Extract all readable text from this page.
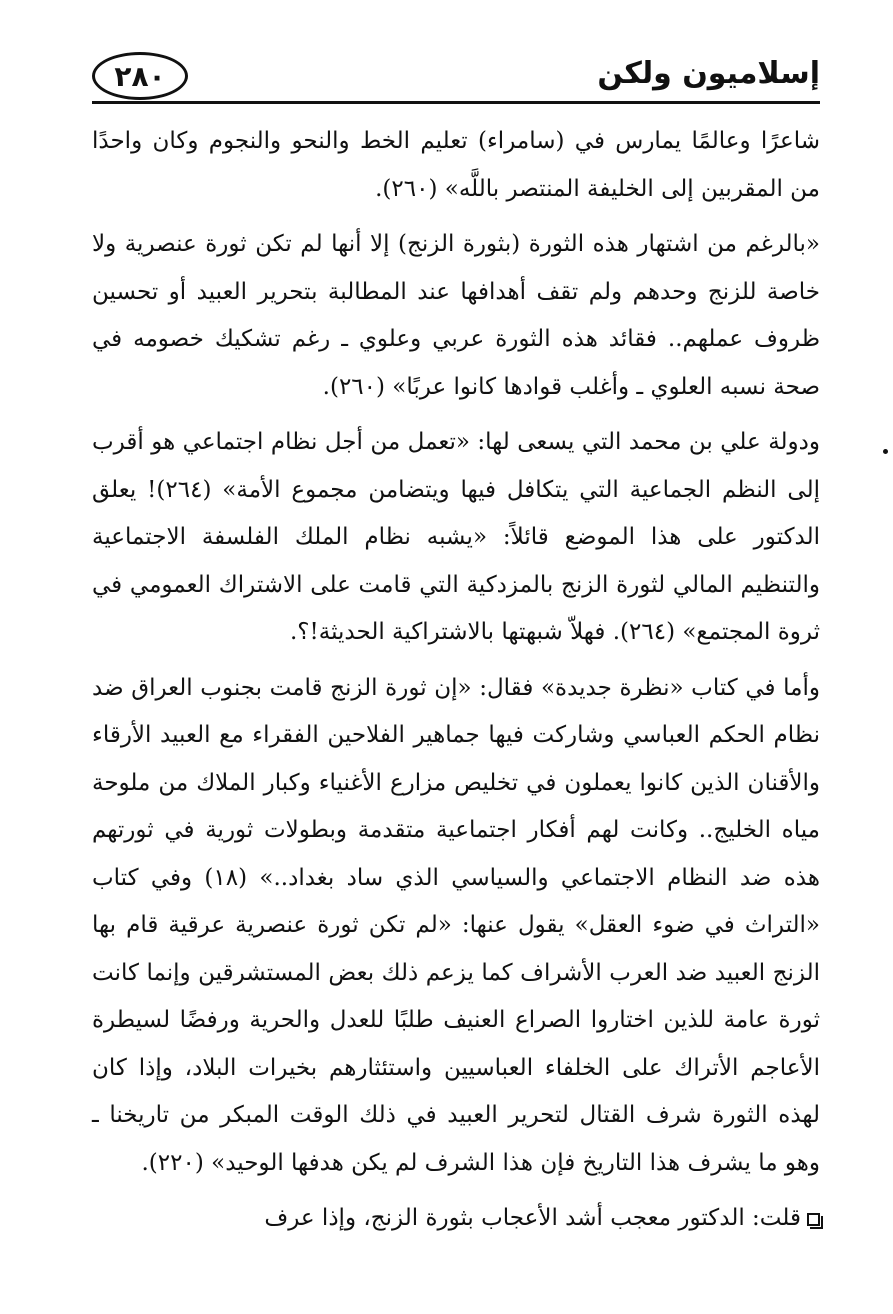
٢٨٠	إسلاميون ولكن

شاعرًا وعالمًا يمارس في (سامراء) تعليم الخط والنحو والنجوم وكان واحدًا من المقربين إلى الخليفة المنتصر باللَّه» (٢٦٠).

«بالرغم من اشتهار هذه الثورة (بثورة الزنج) إلا أنها لم تكن ثورة عنصرية ولا خاصة للزنج وحدهم ولم تقف أهدافها عند المطالبة بتحرير العبيد أو تحسين ظروف عملهم.. فقائد هذه الثورة عربي وعلوي ـ رغم تشكيك خصومه في صحة نسبه العلوي ـ وأغلب قوادها كانوا عربًا» (٢٦٠).

ودولة علي بن محمد التي يسعى لها: «تعمل من أجل نظام اجتماعي هو أقرب إلى النظم الجماعية التي يتكافل فيها ويتضامن مجموع الأمة» (٢٦٤)! يعلق الدكتور على هذا الموضع قائلاً: «يشبه نظام الملك الفلسفة الاجتماعية والتنظيم المالي لثورة الزنج بالمزدكية التي قامت على الاشتراك العمومي في ثروة المجتمع» (٢٦٤). فهلاّ شبهتها بالاشتراكية الحديثة!؟.

وأما في كتاب «نظرة جديدة» فقال: «إن ثورة الزنج قامت بجنوب العراق ضد نظام الحكم العباسي وشاركت فيها جماهير الفلاحين الفقراء مع العبيد الأرقاء والأقنان الذين كانوا يعملون في تخليص مزارع الأغنياء وكبار الملاك من ملوحة مياه الخليج.. وكانت لهم أفكار اجتماعية متقدمة وبطولات ثورية في ثورتهم هذه ضد النظام الاجتماعي والسياسي الذي ساد بغداد..» (١٨) وفي كتاب «التراث في ضوء العقل» يقول عنها: «لم تكن ثورة عنصرية عرقية قام بها الزنج العبيد ضد العرب الأشراف كما يزعم ذلك بعض المستشرقين وإنما كانت ثورة عامة للذين اختاروا الصراع العنيف طلبًا للعدل والحرية ورفضًا لسيطرة الأعاجم الأتراك على الخلفاء العباسيين واستئثارهم بخيرات البلاد، وإذا كان لهذه الثورة شرف القتال لتحرير العبيد في ذلك الوقت المبكر من تاريخنا ـ وهو ما يشرف هذا التاريخ فإن هذا الشرف لم يكن هدفها الوحيد» (٢٢٠).

قلت: الدكتور معجب أشد الأعجاب بثورة الزنج، وإذا عرف
